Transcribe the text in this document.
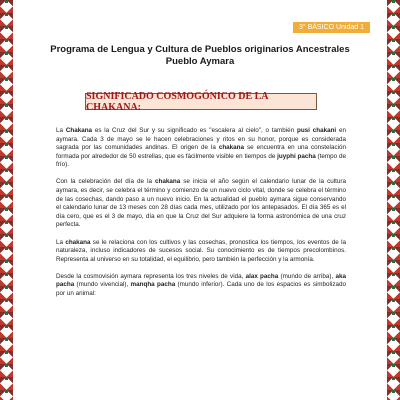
3° BÁSICO Unidad 1
Programa de Lengua y Cultura de Pueblos originarios Ancestrales
Pueblo Aymara
SIGNIFICADO COSMOGÓNICO DE LA CHAKANA:

La Chakana es la Cruz del Sur y su significado es "escalera al cielo", o también pusi chakani en aymara. Cada 3 de mayo se le hacen celebraciones y ritos en su honor, porque es considerada sagrada por las comunidades andinas. El origen de la chakana se encuentra en una constelación formada por alrededor de 50 estrellas, que es fácilmente visible en tiempos de juyphi pacha (tempo de frío).

Con la celebración del día de la chakana se inicia el año según el calendario lunar de la cultura aymara, es decir, se celebra el término y comienzo de un nuevo ciclo vital, donde se celebra el término de las cosechas, dando paso a un nuevo inicio. En la actualidad el pueblo aymara sigue conservando el calendario lunar de 13 meses con 28 días cada mes, utilizado por los antepasados. El día 365 es el día cero, que es el 3 de mayo, día en que la Cruz del Sur adquiere la forma astronómica de una cruz perfecta.

La chakana se le relaciona con los cultivos y las cosechas, pronostica los tiempos, los eventos de la naturaleza, incluso indicadores de sucesos social. Su conocimiento es de tiempos precolombinos. Representa al universo en su totalidad, el equilibrio, pero también la perfección y la armonía.

Desde la cosmovisión aymara representa los tres niveles de vida, alax pacha (mundo de arriba), aka pacha (mundo vivencial), manqha pacha (mundo inferior). Cada uno de los espacios es simbolizado por un animal:
